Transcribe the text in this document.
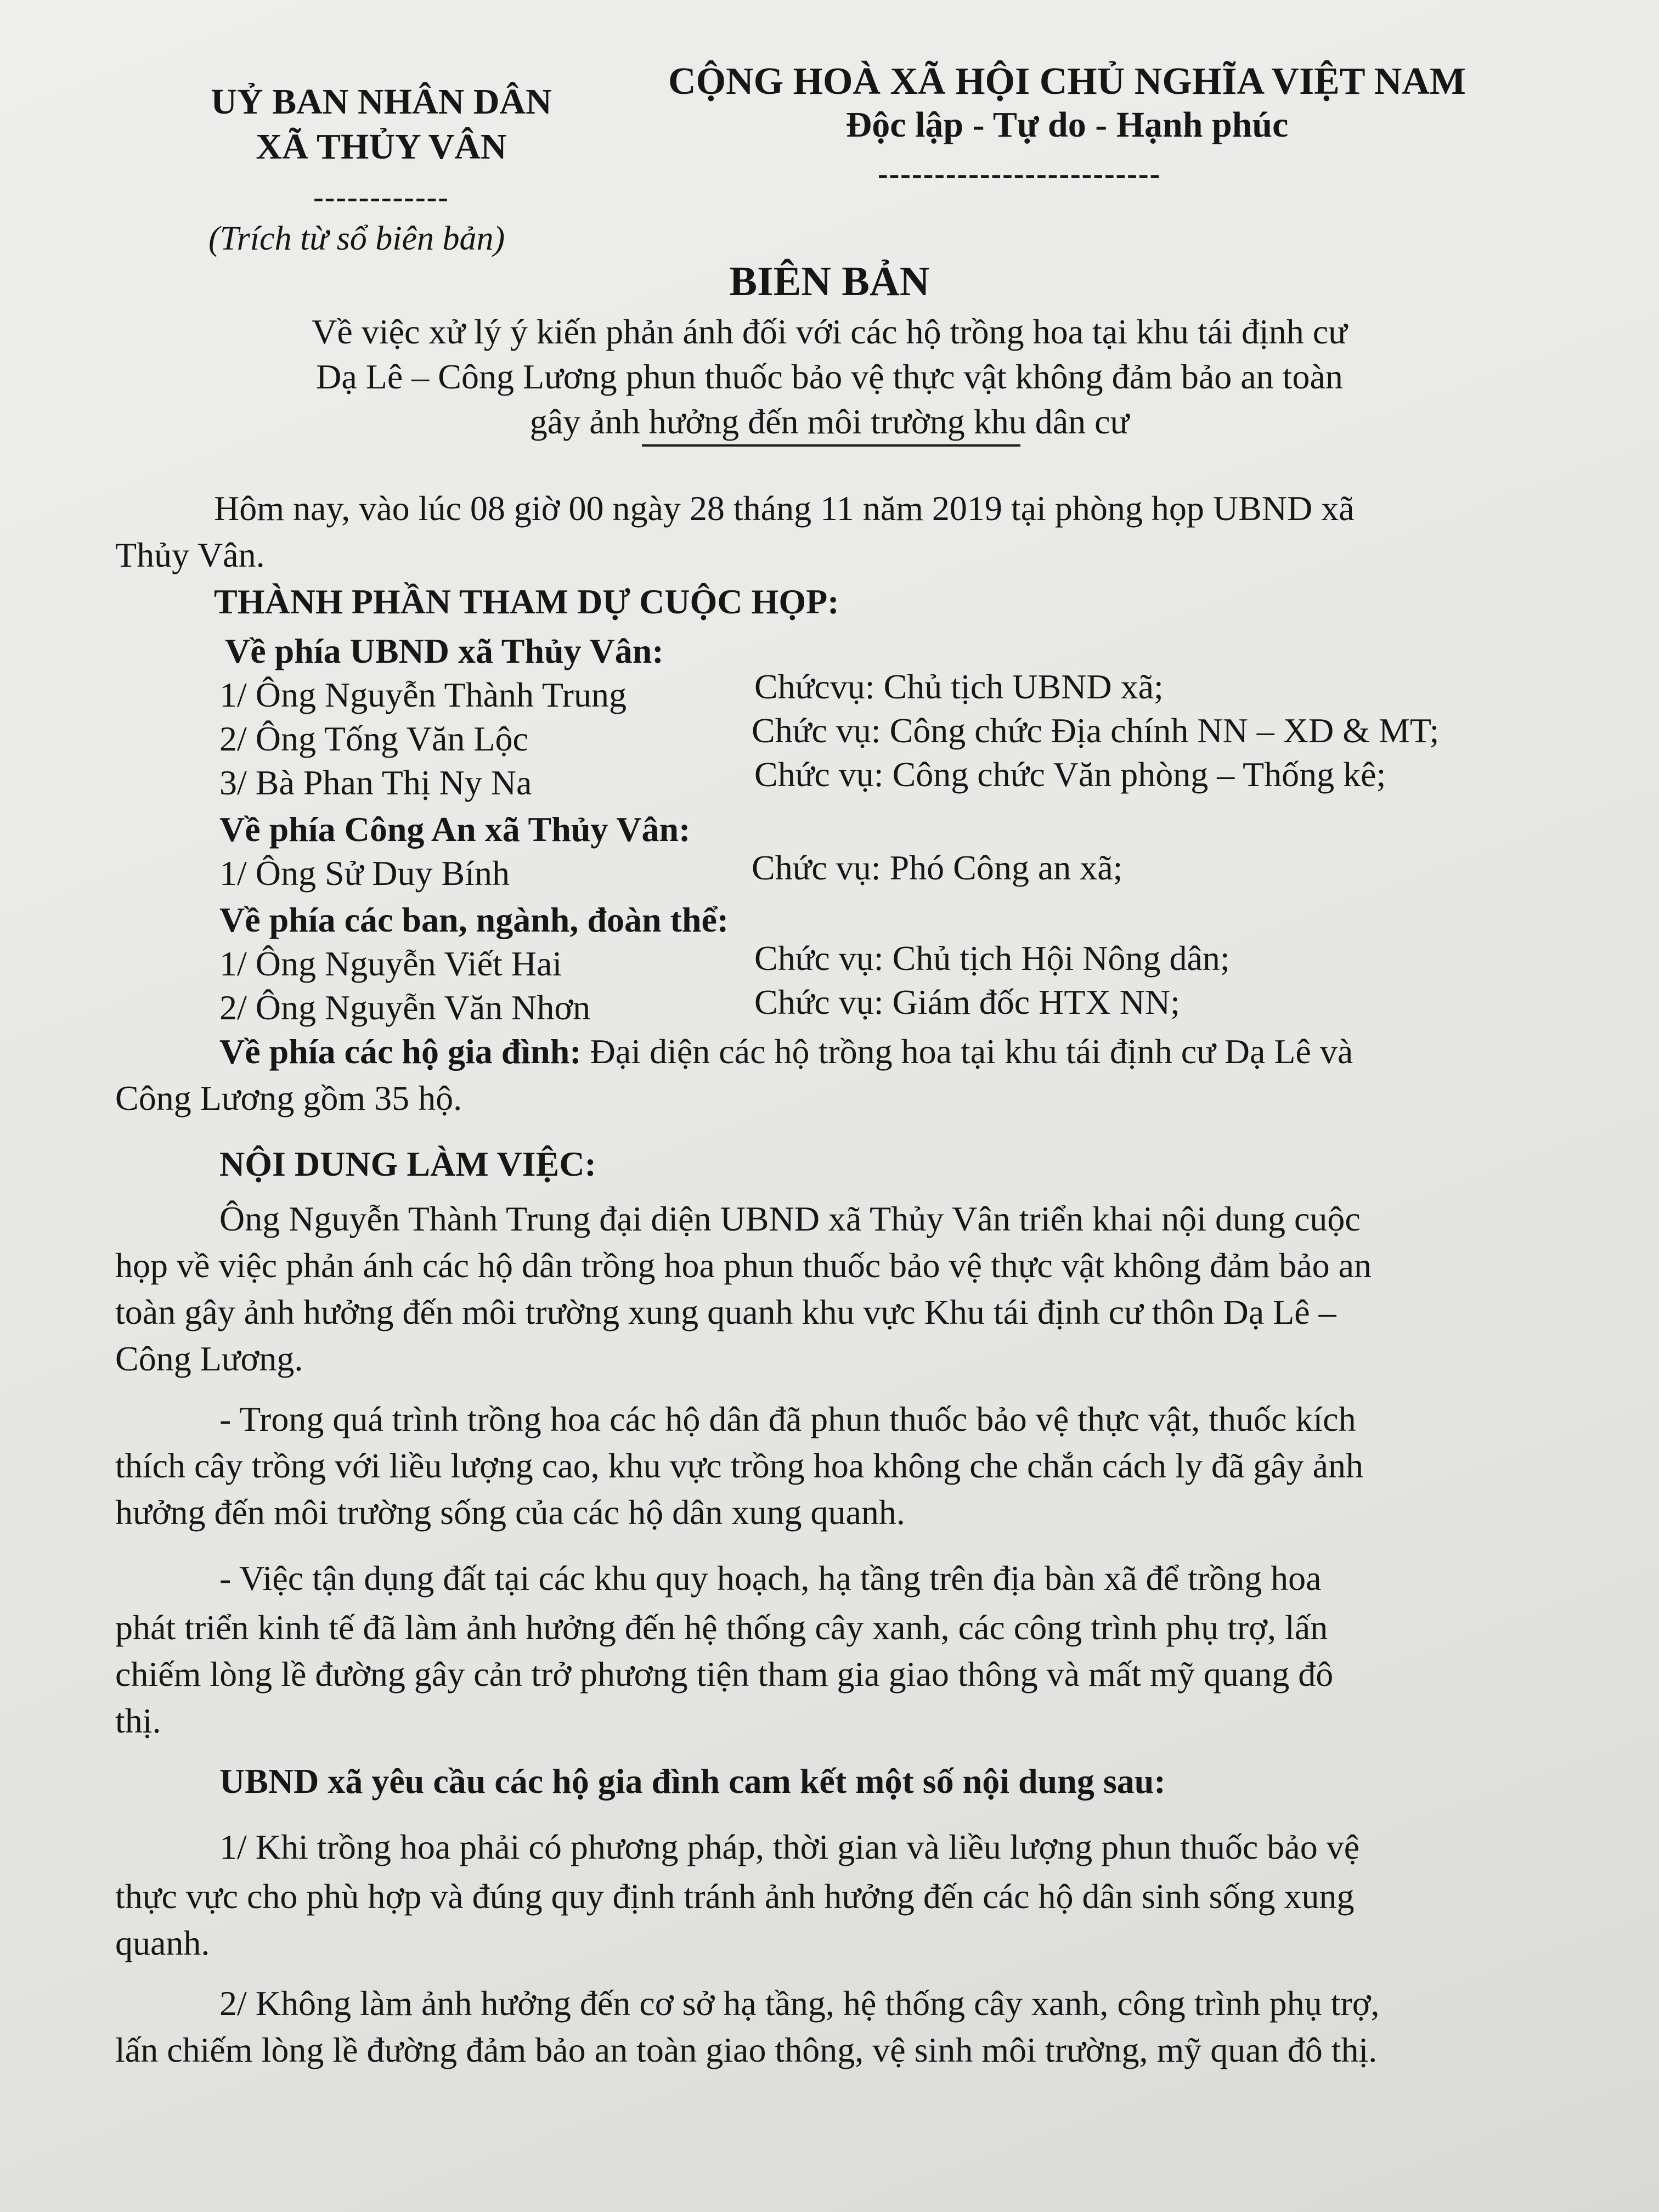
UỶ BAN NHÂN DÂN
XÃ THỦY VÂN
------------
(Trích từ sổ biên bản)
CỘNG HOÀ XÃ HỘI CHỦ NGHĨA VIỆT NAM
Độc lập - Tự do - Hạnh phúc
-------------------------
BIÊN BẢN
Về việc xử lý ý kiến phản ánh đối với các hộ trồng hoa tại khu tái định cư
Dạ Lê – Công Lương phun thuốc bảo vệ thực vật không đảm bảo an toàn
gây ảnh hưởng đến môi trường khu dân cư
Hôm nay, vào lúc 08 giờ 00 ngày 28 tháng 11 năm 2019 tại phòng họp UBND xã
Thủy Vân.
THÀNH PHẦN THAM DỰ CUỘC HỌP:
Về phía UBND xã Thủy Vân:
1/ Ông Nguyễn Thành Trung	Chứcvụ: Chủ tịch UBND xã;
2/ Ông Tống Văn Lộc	Chức vụ: Công chức Địa chính NN – XD & MT;
3/ Bà Phan Thị Ny Na	Chức vụ: Công chức Văn phòng – Thống kê;
Về phía Công An xã Thủy Vân:
1/ Ông Sử Duy Bính	Chức vụ: Phó Công an xã;
Về phía các ban, ngành, đoàn thể:
1/ Ông Nguyễn Viết Hai	Chức vụ: Chủ tịch Hội Nông dân;
2/ Ông Nguyễn Văn Nhơn	Chức vụ: Giám đốc HTX NN;
Về phía các hộ gia đình: Đại diện các hộ trồng hoa tại khu tái định cư Dạ Lê và
Công Lương gồm 35 hộ.
NỘI DUNG LÀM VIỆC:
Ông Nguyễn Thành Trung đại diện UBND xã Thủy Vân triển khai nội dung cuộc
họp về việc phản ánh các hộ dân trồng hoa phun thuốc bảo vệ thực vật không đảm bảo an
toàn gây ảnh hưởng đến môi trường xung quanh khu vực Khu tái định cư thôn Dạ Lê –
Công Lương.
- Trong quá trình trồng hoa các hộ dân đã phun thuốc bảo vệ thực vật, thuốc kích
thích cây trồng với liều lượng cao, khu vực trồng hoa không che chắn cách ly đã gây ảnh
hưởng đến môi trường sống của các hộ dân xung quanh.
- Việc tận dụng đất tại các khu quy hoạch, hạ tầng trên địa bàn xã để trồng hoa
phát triển kinh tế đã làm ảnh hưởng đến hệ thống cây xanh, các công trình phụ trợ, lấn
chiếm lòng lề đường gây cản trở phương tiện tham gia giao thông và mất mỹ quang đô
thị.
UBND xã yêu cầu các hộ gia đình cam kết một số nội dung sau:
1/ Khi trồng hoa phải có phương pháp, thời gian và liều lượng phun thuốc bảo vệ
thực vực cho phù hợp và đúng quy định tránh ảnh hưởng đến các hộ dân sinh sống xung
quanh.
2/ Không làm ảnh hưởng đến cơ sở hạ tầng, hệ thống cây xanh, công trình phụ trợ,
lấn chiếm lòng lề đường đảm bảo an toàn giao thông, vệ sinh môi trường, mỹ quan đô thị.
